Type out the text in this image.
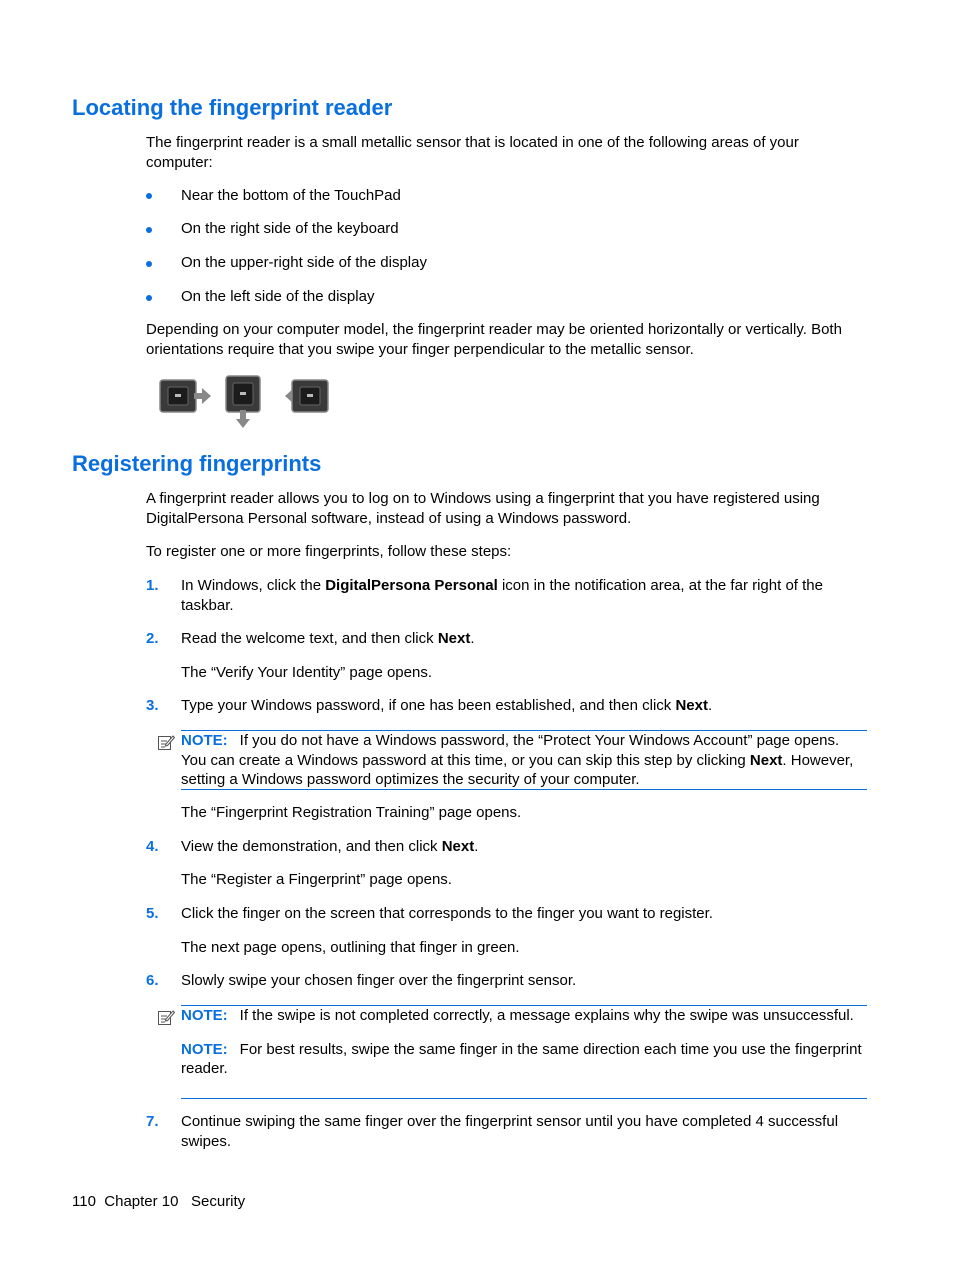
Locating the fingerprint reader
The fingerprint reader is a small metallic sensor that is located in one of the following areas of your computer:
Near the bottom of the TouchPad
On the right side of the keyboard
On the upper-right side of the display
On the left side of the display
Depending on your computer model, the fingerprint reader may be oriented horizontally or vertically. Both orientations require that you swipe your finger perpendicular to the metallic sensor.
Registering fingerprints
A fingerprint reader allows you to log on to Windows using a fingerprint that you have registered using DigitalPersona Personal software, instead of using a Windows password.
To register one or more fingerprints, follow these steps:
1. In Windows, click the DigitalPersona Personal icon in the notification area, at the far right of the taskbar.
2. Read the welcome text, and then click Next.
The “Verify Your Identity” page opens.
3. Type your Windows password, if one has been established, and then click Next.
NOTE: If you do not have a Windows password, the “Protect Your Windows Account” page opens. You can create a Windows password at this time, or you can skip this step by clicking Next. However, setting a Windows password optimizes the security of your computer.
The “Fingerprint Registration Training” page opens.
4. View the demonstration, and then click Next.
The “Register a Fingerprint” page opens.
5. Click the finger on the screen that corresponds to the finger you want to register.
The next page opens, outlining that finger in green.
6. Slowly swipe your chosen finger over the fingerprint sensor.
NOTE: If the swipe is not completed correctly, a message explains why the swipe was unsuccessful.
NOTE: For best results, swipe the same finger in the same direction each time you use the fingerprint reader.
7. Continue swiping the same finger over the fingerprint sensor until you have completed 4 successful swipes.
110 Chapter 10 Security
